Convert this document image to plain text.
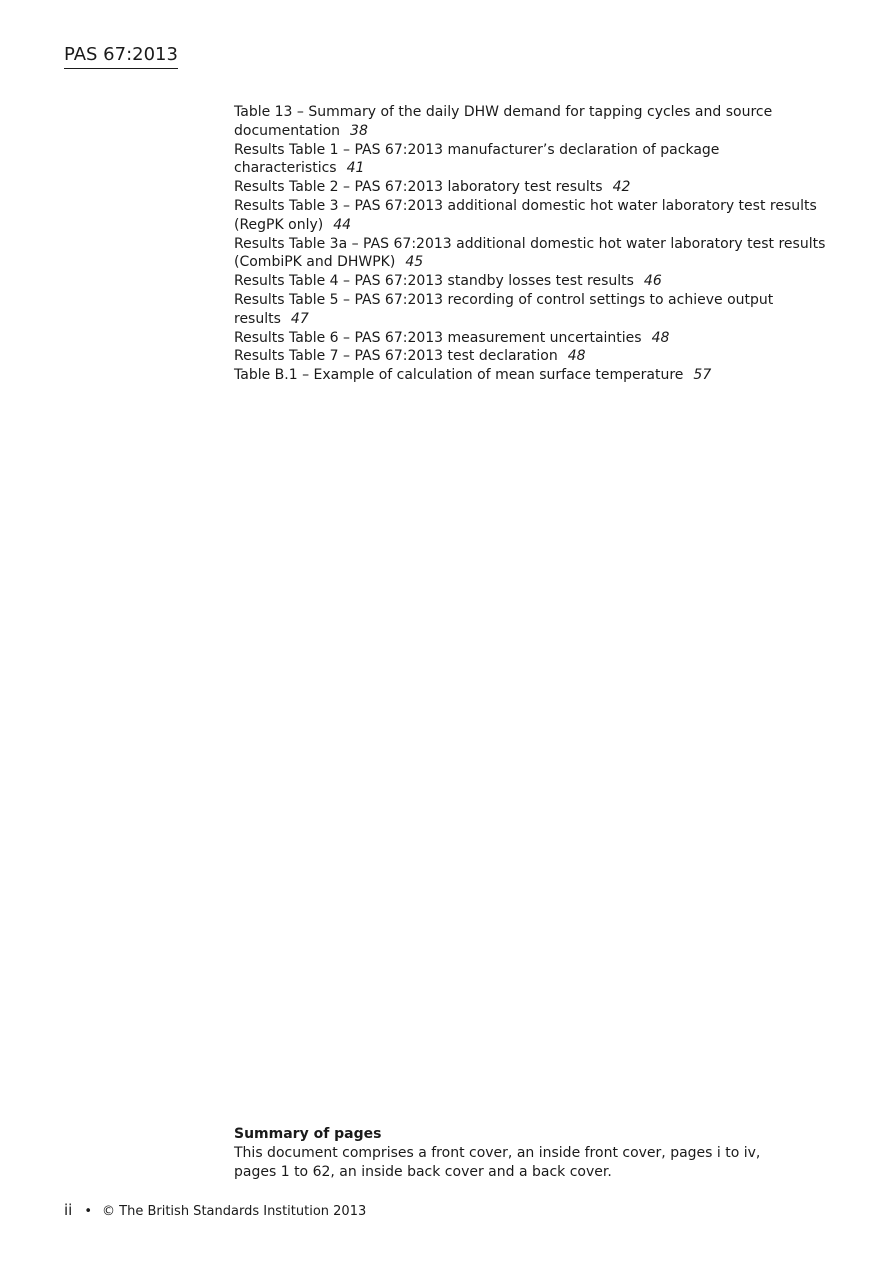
PAS 67:2013
Table 13 – Summary of the daily DHW demand for tapping cycles and source documentation 38
Results Table 1 – PAS 67:2013 manufacturer’s declaration of package characteristics 41
Results Table 2 – PAS 67:2013 laboratory test results 42
Results Table 3 – PAS 67:2013 additional domestic hot water laboratory test results (RegPK only) 44
Results Table 3a – PAS 67:2013 additional domestic hot water laboratory test results (CombiPK and DHWPK) 45
Results Table 4 – PAS 67:2013 standby losses test results 46
Results Table 5 – PAS 67:2013 recording of control settings to achieve output results 47
Results Table 6 – PAS 67:2013 measurement uncertainties 48
Results Table 7 – PAS 67:2013 test declaration 48
Table B.1 – Example of calculation of mean surface temperature 57
Summary of pages
This document comprises a front cover, an inside front cover, pages i to iv, pages 1 to 62, an inside back cover and a back cover.
ii • © The British Standards Institution 2013
